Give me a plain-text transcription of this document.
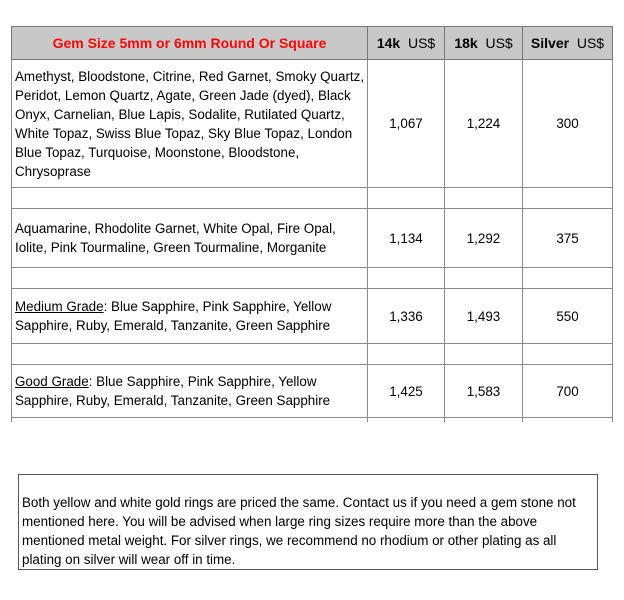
Gem Size 5mm or 6mm Round Or Square	14k US$	18k US$	Silver US$
Amethyst, Bloodstone, Citrine, Red Garnet, Smoky Quartz, Peridot, Lemon Quartz, Agate, Green Jade (dyed), Black Onyx, Carnelian, Blue Lapis, Sodalite, Rutilated Quartz, White Topaz, Swiss Blue Topaz, Sky Blue Topaz, London Blue Topaz, Turquoise, Moonstone, Bloodstone, Chrysoprase	1,067	1,224	300

Aquamarine, Rhodolite Garnet, White Opal, Fire Opal, Iolite, Pink Tourmaline, Green Tourmaline, Morganite	1,134	1,292	375

Medium Grade: Blue Sapphire, Pink Sapphire, Yellow Sapphire, Ruby, Emerald, Tanzanite, Green Sapphire	1,336	1,493	550

Good Grade: Blue Sapphire, Pink Sapphire, Yellow Sapphire, Ruby, Emerald, Tanzanite, Green Sapphire	1,425	1,583	700

Both yellow and white gold rings are priced the same. Contact us if you need a gem stone not mentioned here. You will be advised when large ring sizes require more than the above mentioned metal weight. For silver rings, we recommend no rhodium or other plating as all plating on silver will wear off in time.
